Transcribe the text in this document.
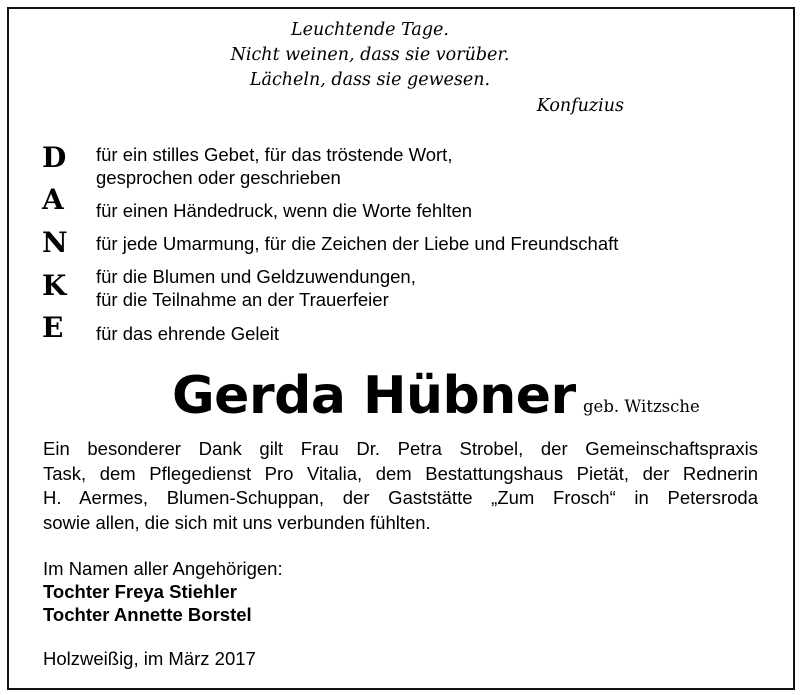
Leuchtende Tage.
Nicht weinen, dass sie vorüber.
Lächeln, dass sie gewesen.
Konfuzius
D
A
N
K
E
für ein stilles Gebet, für das tröstende Wort,
gesprochen oder geschrieben
für einen Händedruck, wenn die Worte fehlten
für jede Umarmung, für die Zeichen der Liebe und Freundschaft
für die Blumen und Geldzuwendungen,
für die Teilnahme an der Trauerfeier
für das ehrende Geleit
Gerda Hübner geb. Witzsche
Ein besonderer Dank gilt Frau Dr. Petra Strobel, der Gemeinschaftspraxis
Task, dem Pflegedienst Pro Vitalia, dem Bestattungshaus Pietät, der Rednerin
H. Aermes, Blumen-Schuppan, der Gaststätte „Zum Frosch“ in Petersroda
sowie allen, die sich mit uns verbunden fühlten.
Im Namen aller Angehörigen:
Tochter Freya Stiehler
Tochter Annette Borstel
Holzweißig, im März 2017
